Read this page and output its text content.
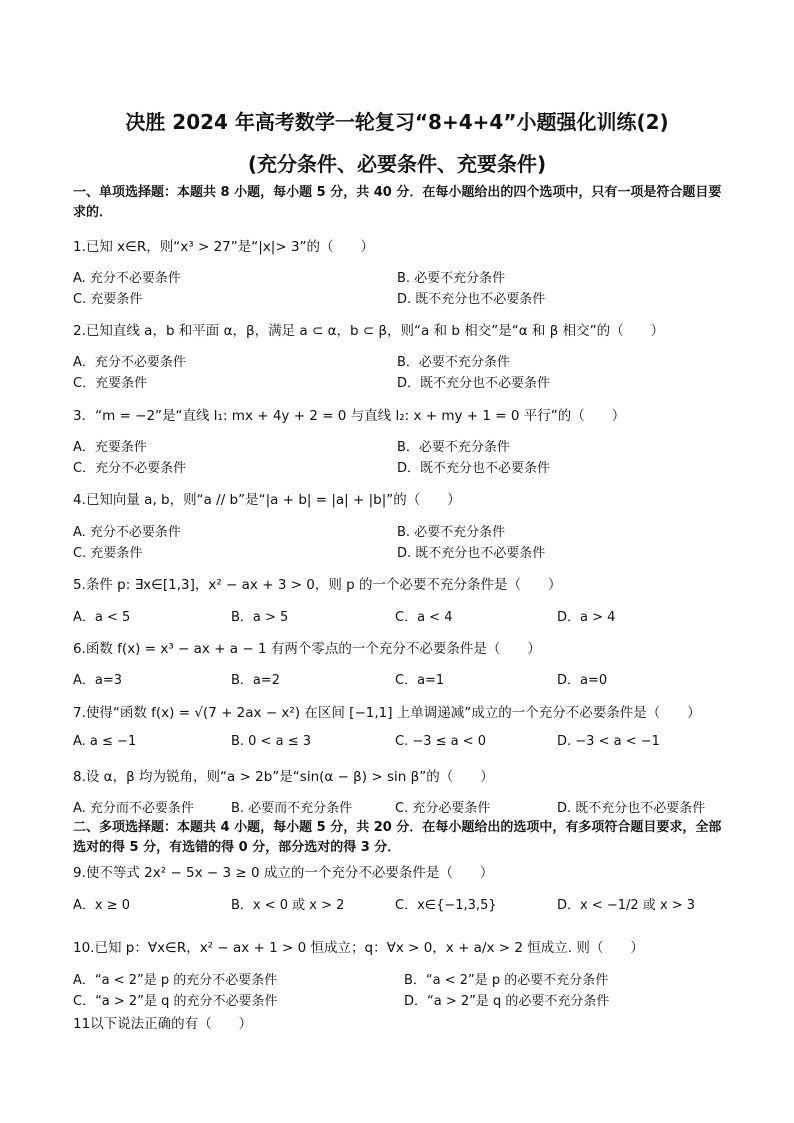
决胜 2024 年高考数学一轮复习“8+4+4”小题强化训练(2)
(充分条件、必要条件、充要条件)
一、单项选择题：本题共 8 小题，每小题 5 分，共 40 分．在每小题给出的四个选项中，只有一项是符合题目要求的．
1.已知 x∈R，则“x³ > 27”是“|x|> 3”的（　　）
A. 充分不必要条件	B. 必要不充分条件
C. 充要条件	D. 既不充分也不必要条件
2.已知直线 a，b 和平面 α，β，满足 a ⊂ α，b ⊂ β，则“a 和 b 相交”是“α 和 β 相交”的（　　）
A．充分不必要条件	B．必要不充分条件
C．充要条件	D．既不充分也不必要条件
3．“m = −2”是“直线 l₁: mx + 4y + 2 = 0 与直线 l₂: x + my + 1 = 0 平行”的（　　）
A．充要条件	B．必要不充分条件
C．充分不必要条件	D．既不充分也不必要条件
4.已知向量 a, b，则“a // b”是“|a + b| = |a| + |b|”的（　　）
A. 充分不必要条件	B. 必要不充分条件
C. 充要条件	D. 既不充分也不必要条件
5.条件 p: ∃x∈[1,3]，x² − ax + 3 > 0，则 p 的一个必要不充分条件是（　　）
A．a < 5	B．a > 5	C．a < 4	D．a > 4
6.函数 f(x) = x³ − ax + a − 1 有两个零点的一个充分不必要条件是（　　）
A．a=3	B．a=2	C．a=1	D．a=0
7.使得“函数 f(x) = √(7 + 2ax − x²) 在区间 [−1,1] 上单调递减”成立的一个充分不必要条件是（　　）
A. a ≤ −1	B. 0 < a ≤ 3	C. −3 ≤ a < 0	D. −3 < a < −1
8.设 α，β 均为锐角，则“a > 2b”是“sin(α − β) > sin β”的（　　）
A. 充分而不必要条件	B. 必要而不充分条件	C. 充分必要条件	D. 既不充分也不必要条件
二、多项选择题：本题共 4 小题，每小题 5 分，共 20 分．在每小题给出的选项中，有多项符合题目要求，全部选对的得 5 分，有选错的得 0 分，部分选对的得 3 分．
9.使不等式 2x² − 5x − 3 ≥ 0 成立的一个充分不必要条件是（　　）
A．x ≥ 0	B．x < 0 或 x > 2	C．x∈{−1,3,5}	D．x < −1/2 或 x > 3
10.已知 p：∀x∈R，x² − ax + 1 > 0 恒成立；q：∀x > 0，x + a/x > 2 恒成立. 则（　　）
A．“a < 2”是 p 的充分不必要条件	B．“a < 2”是 p 的必要不充分条件
C．“a > 2”是 q 的充分不必要条件	D．“a > 2”是 q 的必要不充分条件
11以下说法正确的有（　　）
